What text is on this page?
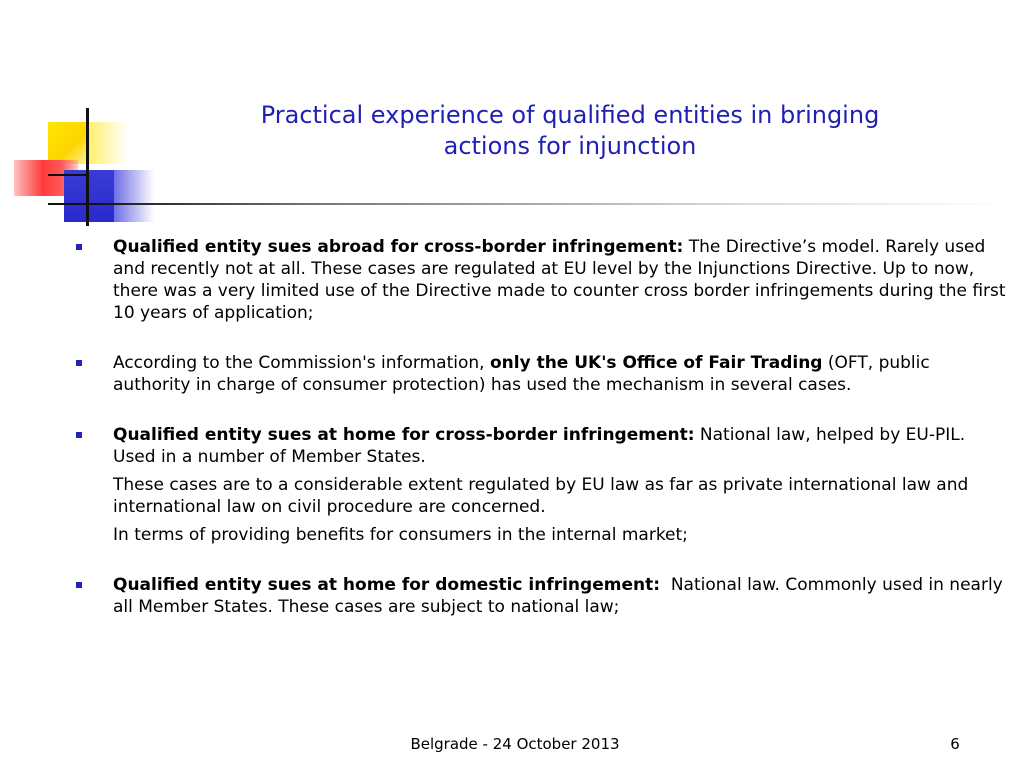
Practical experience of qualified entities in bringing
actions for injunction
Qualified entity sues abroad for cross-border infringement: The Directive’s model. Rarely used and recently not at all. These cases are regulated at EU level by the Injunctions Directive. Up to now, there was a very limited use of the Directive made to counter cross border infringements during the first 10 years of application;
According to the Commission's information, only the UK's Office of Fair Trading (OFT, public authority in charge of consumer protection) has used the mechanism in several cases.
Qualified entity sues at home for cross-border infringement: National law, helped by EU-PIL. Used in a number of Member States.
These cases are to a considerable extent regulated by EU law as far as private international law and international law on civil procedure are concerned.
In terms of providing benefits for consumers in the internal market;
Qualified entity sues at home for domestic infringement:  National law. Commonly used in nearly all Member States. These cases are subject to national law;
Belgrade - 24 October 2013	6
